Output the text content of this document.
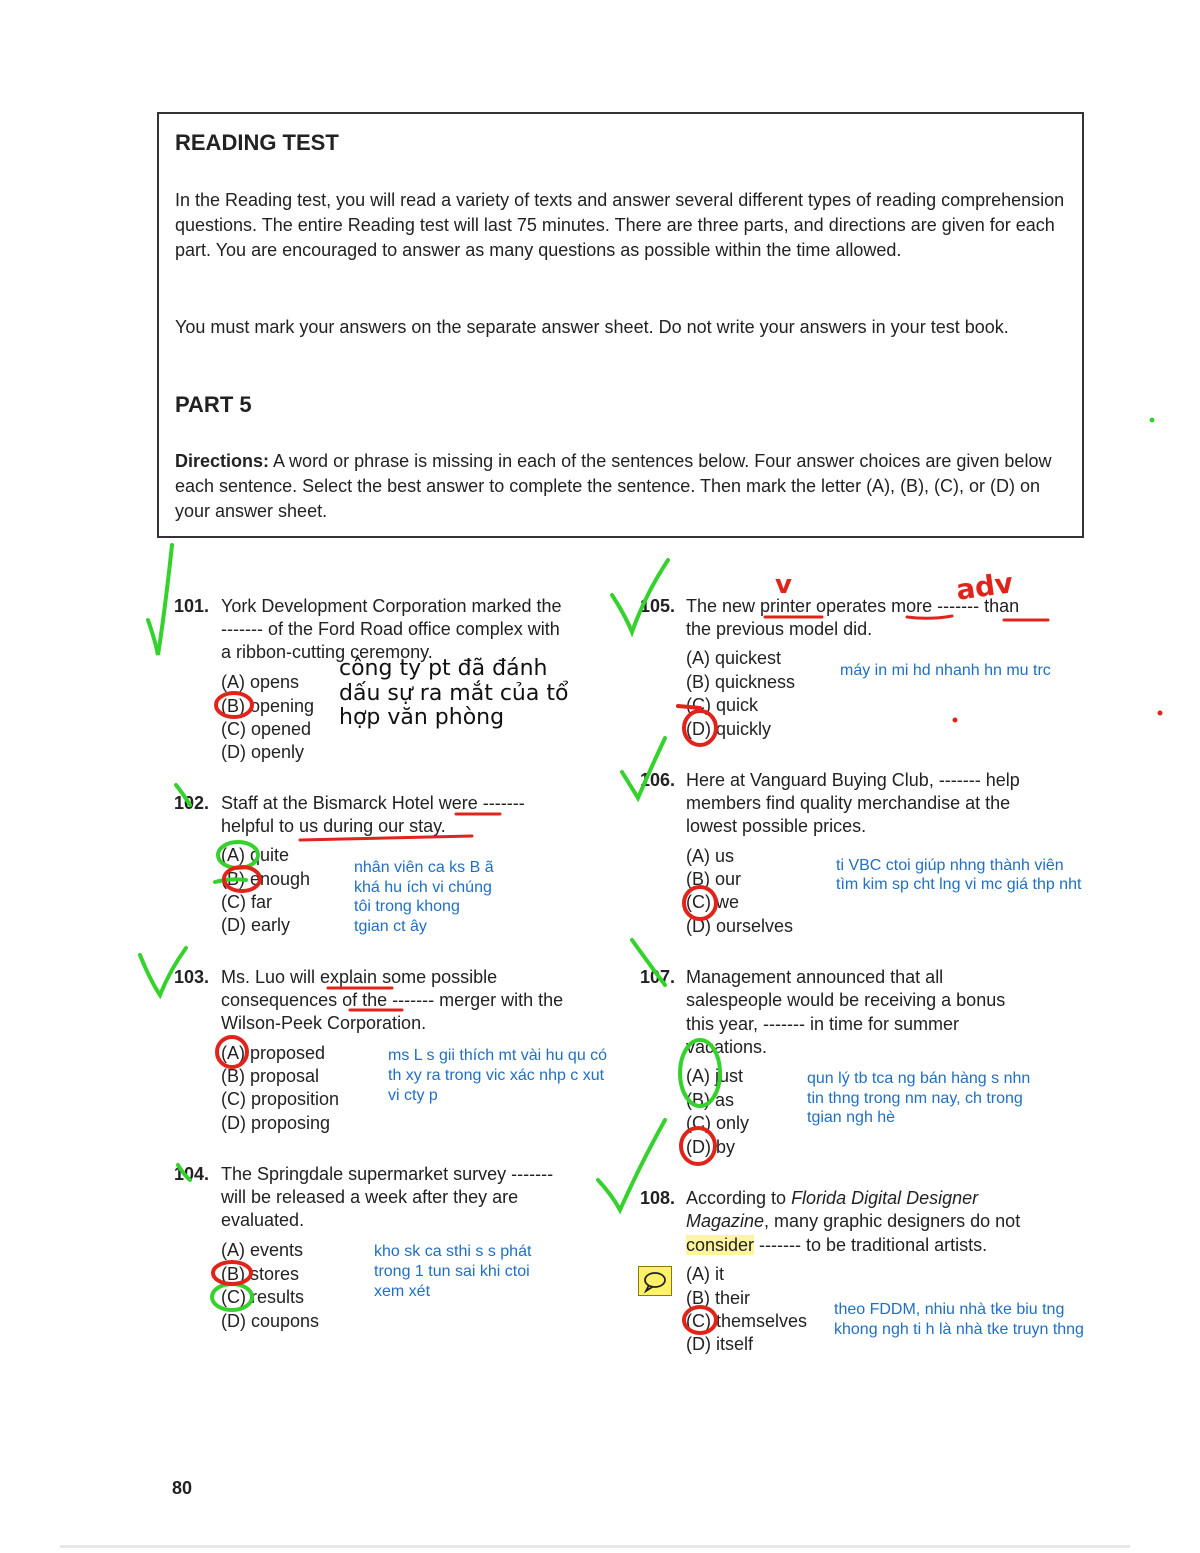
READING TEST
In the Reading test, you will read a variety of texts and answer several different types of reading comprehension questions. The entire Reading test will last 75 minutes. There are three parts, and directions are given for each part. You are encouraged to answer as many questions as possible within the time allowed.
You must mark your answers on the separate answer sheet. Do not write your answers in your test book.
PART 5
Directions: A word or phrase is missing in each of the sentences below. Four answer choices are given below each sentence. Select the best answer to complete the sentence. Then mark the letter (A), (B), (C), or (D) on your answer sheet.
101. York Development Corporation marked the
------- of the Ford Road office complex with
a ribbon-cutting ceremony.
(A) opens
(B) opening
(C) opened
(D) openly
công ty pt đã đánh
dấu sự ra mắt của tổ
hợp văn phòng
102. Staff at the Bismarck Hotel were -------
helpful to us during our stay.
(A) quite
(B) enough
(C) far
(D) early
nhân viên ca ks B ã
khá hu ích vi chúng
tôi trong khong
tgian ct ây
103. Ms. Luo will explain some possible
consequences of the ------- merger with the
Wilson-Peek Corporation.
(A) proposed
(B) proposal
(C) proposition
(D) proposing
ms L s gii thích mt vài hu qu có
th xy ra trong vic xác nhp c xut
vi cty p
104. The Springdale supermarket survey -------
will be released a week after they are
evaluated.
(A) events
(B) stores
(C) results
(D) coupons
kho sk ca sthi s s phát
trong 1 tun sai khi ctoi
xem xét
105. The new printer operates more ------- than
the previous model did.
(A) quickest
(B) quickness
(C) quick
(D) quickly
máy in mi hd nhanh hn mu trc
adv
v
106. Here at Vanguard Buying Club, ------- help
members find quality merchandise at the
lowest possible prices.
(A) us
(B) our
(C) we
(D) ourselves
ti VBC ctoi giúp nhng thành viên
tìm kim sp cht lng vi mc giá thp nht
107. Management announced that all
salespeople would be receiving a bonus
this year, ------- in time for summer
vacations.
(A) just
(B) as
(C) only
(D) by
qun lý tb tca ng bán hàng s nhn
tin thng trong nm nay, ch trong
tgian ngh hè
108. According to Florida Digital Designer
Magazine, many graphic designers do not
consider ------- to be traditional artists.
(A) it
(B) their
(C) themselves
(D) itself
theo FDDM, nhiu nhà tke biu tng
khong ngh ti h là nhà tke truyn thng
80
